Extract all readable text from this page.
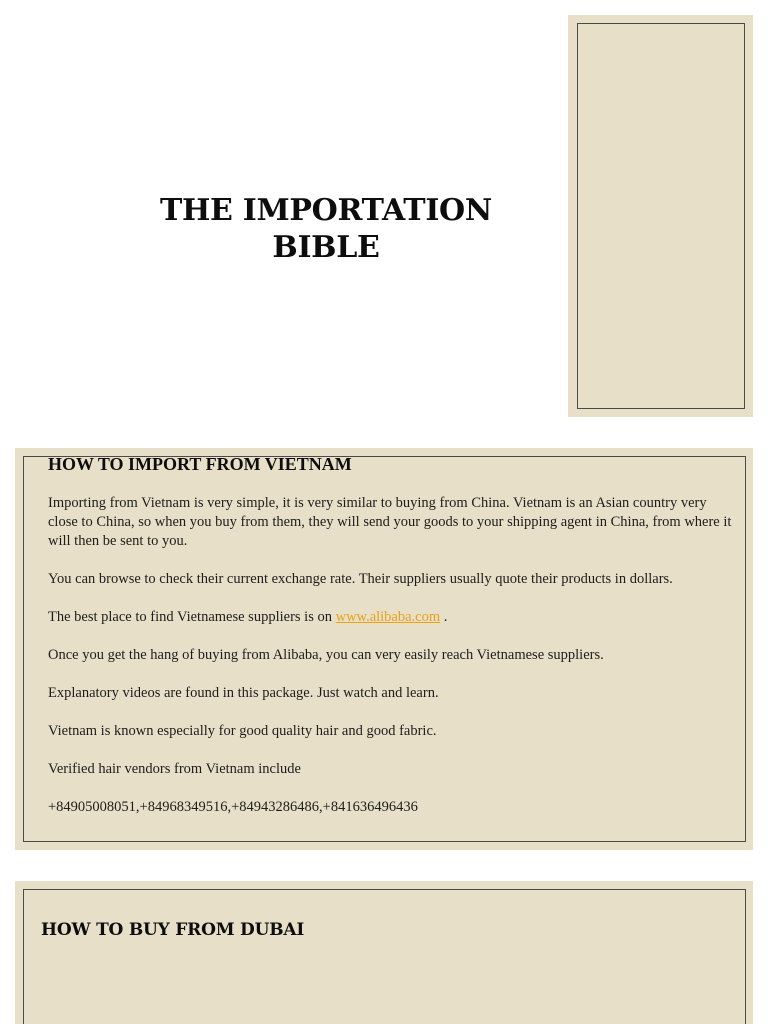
THE IMPORTATION
BIBLE
HOW TO IMPORT FROM VIETNAM

Importing from Vietnam is very simple, it is very similar to buying from China. Vietnam is an Asian country very close to China, so when you buy from them, they will send your goods to your shipping agent in China, from where it will then be sent to you.

You can browse to check their current exchange rate. Their suppliers usually quote their products in dollars.

The best place to find Vietnamese suppliers is on www.alibaba.com .

Once you get the hang of buying from Alibaba, you can very easily reach Vietnamese suppliers.

Explanatory videos are found in this package. Just watch and learn.

Vietnam is known especially for good quality hair and good fabric.

Verified hair vendors from Vietnam include

+84905008051,+84968349516,+84943286486,+841636496436

HOW TO BUY FROM DUBAI
